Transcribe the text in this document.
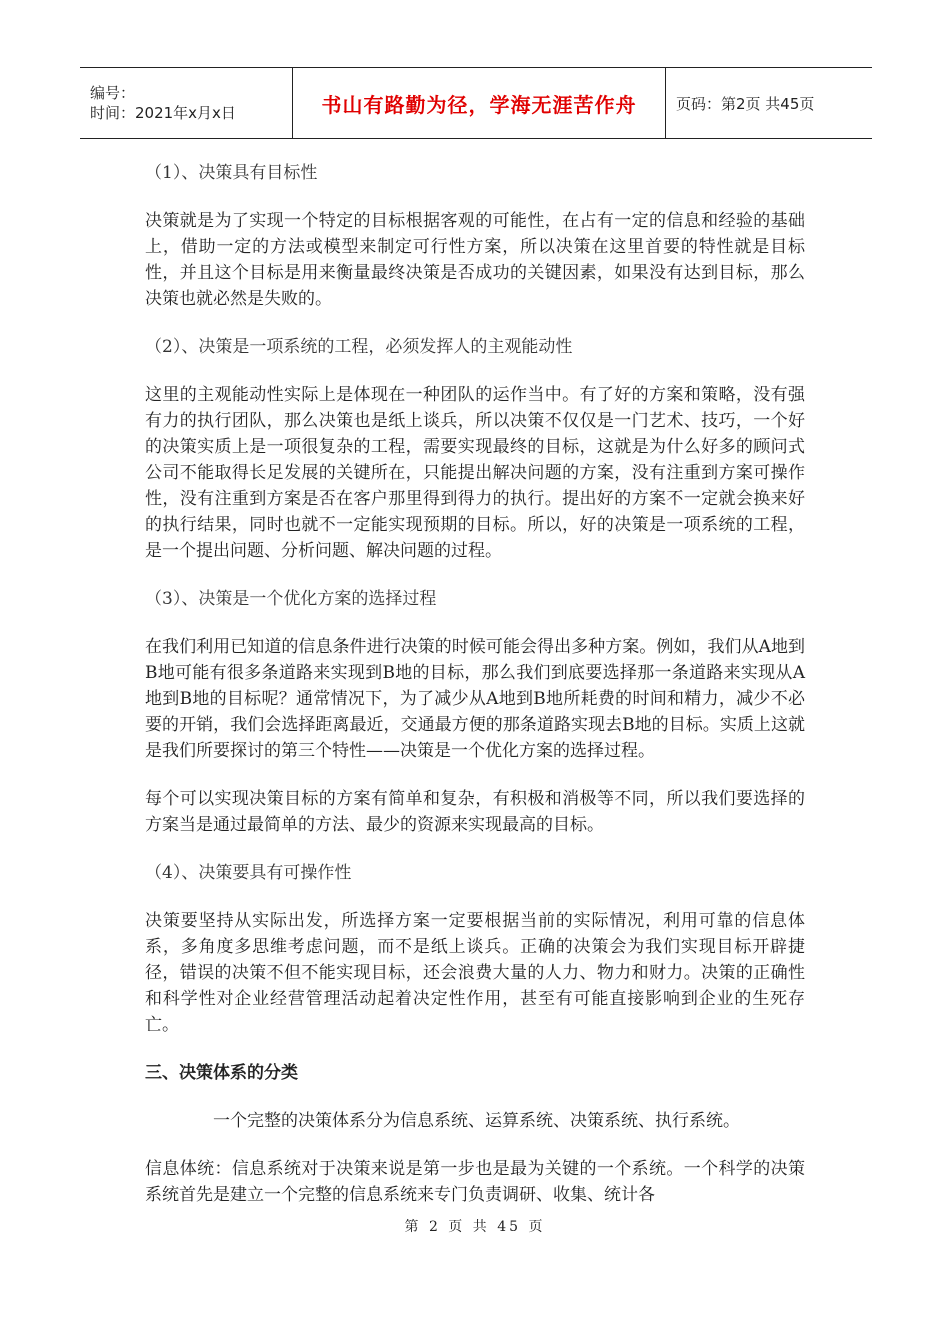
编号：
时间：2021年x月x日	书山有路勤为径，学海无涯苦作舟	页码：第2页 共45页

（1）、决策具有目标性

决策就是为了实现一个特定的目标根据客观的可能性，在占有一定的信息和经验的基础上，借助一定的方法或模型来制定可行性方案，所以决策在这里首要的特性就是目标性，并且这个目标是用来衡量最终决策是否成功的关键因素，如果没有达到目标，那么决策也就必然是失败的。

（2）、决策是一项系统的工程，必须发挥人的主观能动性

这里的主观能动性实际上是体现在一种团队的运作当中。有了好的方案和策略，没有强有力的执行团队，那么决策也是纸上谈兵，所以决策不仅仅是一门艺术、技巧，一个好的决策实质上是一项很复杂的工程，需要实现最终的目标，这就是为什么好多的顾问式公司不能取得长足发展的关键所在，只能提出解决问题的方案，没有注重到方案可操作性，没有注重到方案是否在客户那里得到得力的执行。提出好的方案不一定就会换来好的执行结果，同时也就不一定能实现预期的目标。所以，好的决策是一项系统的工程，是一个提出问题、分析问题、解决问题的过程。

（3）、决策是一个优化方案的选择过程

在我们利用已知道的信息条件进行决策的时候可能会得出多种方案。例如，我们从A地到B地可能有很多条道路来实现到B地的目标，那么我们到底要选择那一条道路来实现从A地到B地的目标呢？通常情况下，为了减少从A地到B地所耗费的时间和精力，减少不必要的开销，我们会选择距离最近，交通最方便的那条道路实现去B地的目标。实质上这就是我们所要探讨的第三个特性——决策是一个优化方案的选择过程。

每个可以实现决策目标的方案有简单和复杂，有积极和消极等不同，所以我们要选择的方案当是通过最简单的方法、最少的资源来实现最高的目标。

（4）、决策要具有可操作性

决策要坚持从实际出发，所选择方案一定要根据当前的实际情况，利用可靠的信息体系，多角度多思维考虑问题，而不是纸上谈兵。正确的决策会为我们实现目标开辟捷径，错误的决策不但不能实现目标，还会浪费大量的人力、物力和财力。决策的正确性和科学性对企业经营管理活动起着决定性作用，甚至有可能直接影响到企业的生死存亡。

三、决策体系的分类

一个完整的决策体系分为信息系统、运算系统、决策系统、执行系统。

信息体统：信息系统对于决策来说是第一步也是最为关键的一个系统。一个科学的决策系统首先是建立一个完整的信息系统来专门负责调研、收集、统计各

第 2 页 共 45 页
